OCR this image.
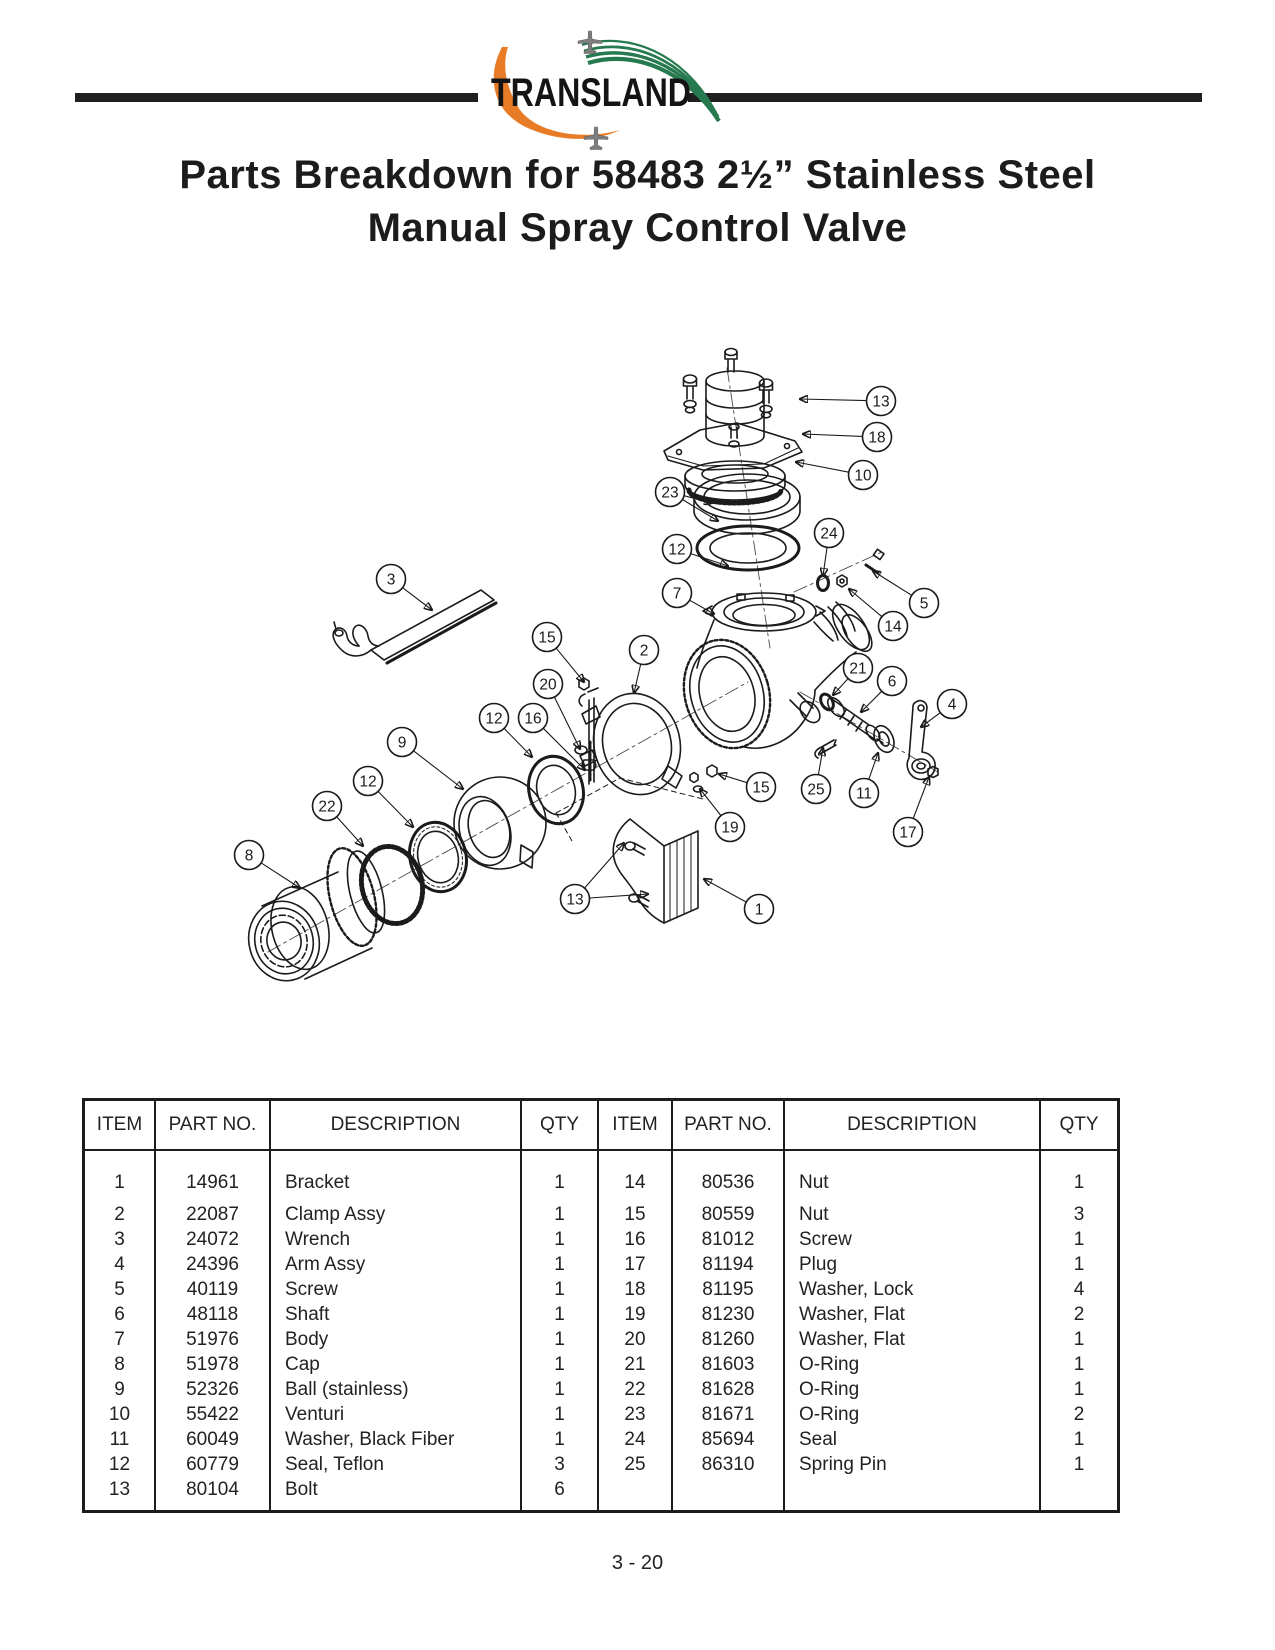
TRANSLAND
Parts Breakdown for 58483 2½” Stainless Steel
Manual Spray Control Valve
13
18
10
23
24
12
3
7
5
14
15
2
21
6
20
4
12 16
9
12	15 25 11
22
19	17
8
13
1
ITEM	PART NO.	DESCRIPTION	QTY	ITEM	PART NO.	DESCRIPTION	QTY
1	14961	Bracket	1	14	80536	Nut	1
2	22087	Clamp Assy	1	15	80559	Nut	3
3	24072	Wrench	1	16	81012	Screw	1
4	24396	Arm Assy	1	17	81194	Plug	1
5	40119	Screw	1	18	81195	Washer, Lock	4
6	48118	Shaft	1	19	81230	Washer, Flat	2
7	51976	Body	1	20	81260	Washer, Flat	1
8	51978	Cap	1	21	81603	O-Ring	1
9	52326	Ball (stainless)	1	22	81628	O-Ring	1
10	55422	Venturi	1	23	81671	O-Ring	2
11	60049	Washer, Black Fiber	1	24	85694	Seal	1
12	60779	Seal, Teflon	3	25	86310	Spring Pin	1
13	80104	Bolt	6				

3 - 20
